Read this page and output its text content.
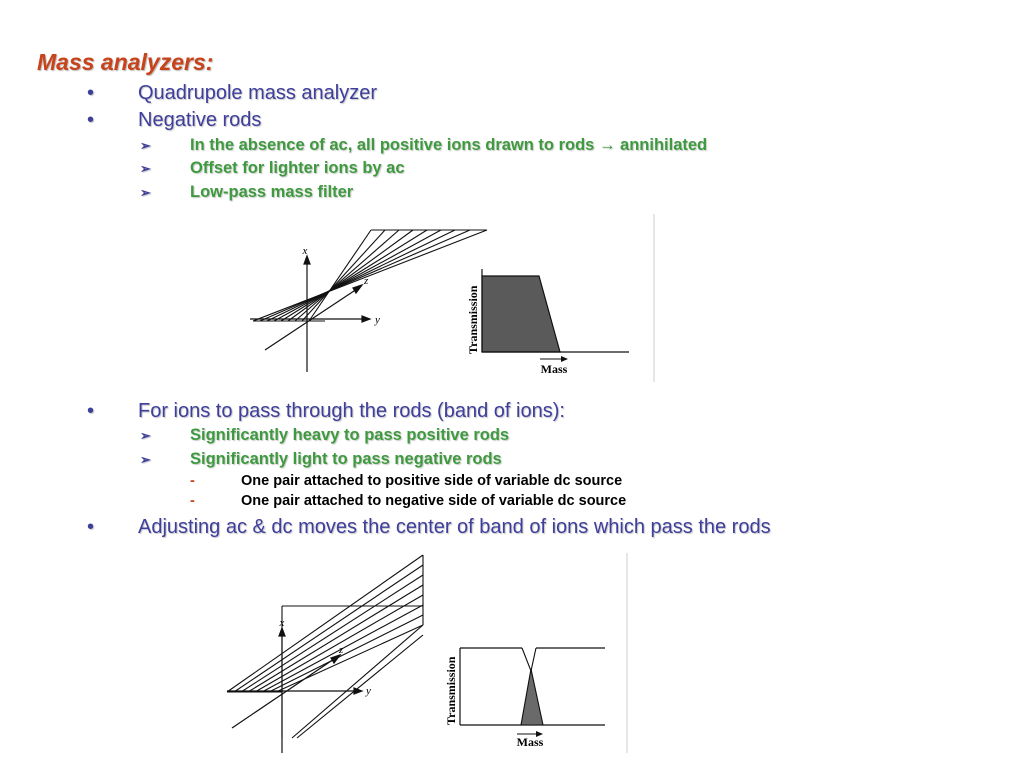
Mass analyzers:
• Quadrupole mass analyzer
• Negative rods
➢ In the absence of ac, all positive ions drawn to rods → annihilated
➢ Offset for lighter ions by ac
➢ Low-pass mass filter
x
y
z
Transmission
Mass
• For ions to pass through the rods (band of ions):
➢ Significantly heavy to pass positive rods
➢ Significantly light to pass negative rods
-	One pair attached to positive side of variable dc source
-	One pair attached to negative side of variable dc source
• Adjusting ac & dc moves the center of band of ions which pass the rods
x
y
z
Transmission
Mass
